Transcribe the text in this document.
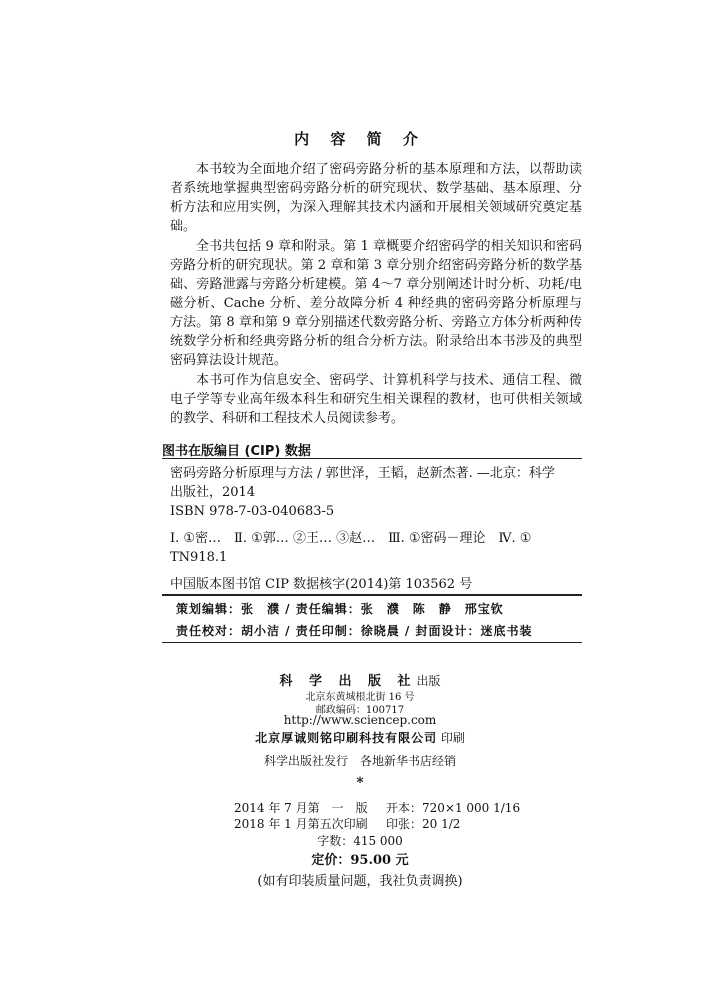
内 容 简 介

本书较为全面地介绍了密码旁路分析的基本原理和方法，以帮助读者系统地掌握典型密码旁路分析的研究现状、数学基础、基本原理、分析方法和应用实例，为深入理解其技术内涵和开展相关领域研究奠定基础。

全书共包括 9 章和附录。第 1 章概要介绍密码学的相关知识和密码旁路分析的研究现状。第 2 章和第 3 章分别介绍密码旁路分析的数学基础、旁路泄露与旁路分析建模。第 4～7 章分别阐述计时分析、功耗/电磁分析、Cache 分析、差分故障分析 4 种经典的密码旁路分析原理与方法。第 8 章和第 9 章分别描述代数旁路分析、旁路立方体分析两种传统数学分析和经典旁路分析的组合分析方法。附录给出本书涉及的典型密码算法设计规范。

本书可作为信息安全、密码学、计算机科学与技术、通信工程、微电子学等专业高年级本科生和研究生相关课程的教材，也可供相关领域的教学、科研和工程技术人员阅读参考。

图书在版编目 (CIP) 数据
密码旁路分析原理与方法 / 郭世泽，王韬，赵新杰著. —北京：科学
出版社，2014
ISBN 978-7-03-040683-5
Ⅰ. ①密…　Ⅱ. ①郭… ②王… ③赵…　Ⅲ. ①密码－理论　Ⅳ. ①
TN918.1
中国版本图书馆 CIP 数据核字(2014)第 103562 号
策划编辑：张　濮 / 责任编辑：张　濮　陈　静　邢宝钦
责任校对：胡小洁 / 责任印制：徐晓晨 / 封面设计：迷底书装
科 学 出 版 社出版
北京东黄城根北街 16 号
邮政编码：100717
http://www.sciencep.com
北京厚诚则铭印刷科技有限公司 印刷
科学出版社发行　各地新华书店经销
*
2014 年 7 月第　一　版 开本：720×1 000 1/16
2018 年 1 月第五次印刷 印张：20 1/2
字数：415 000
定价：95.00 元
(如有印装质量问题，我社负责调换)
